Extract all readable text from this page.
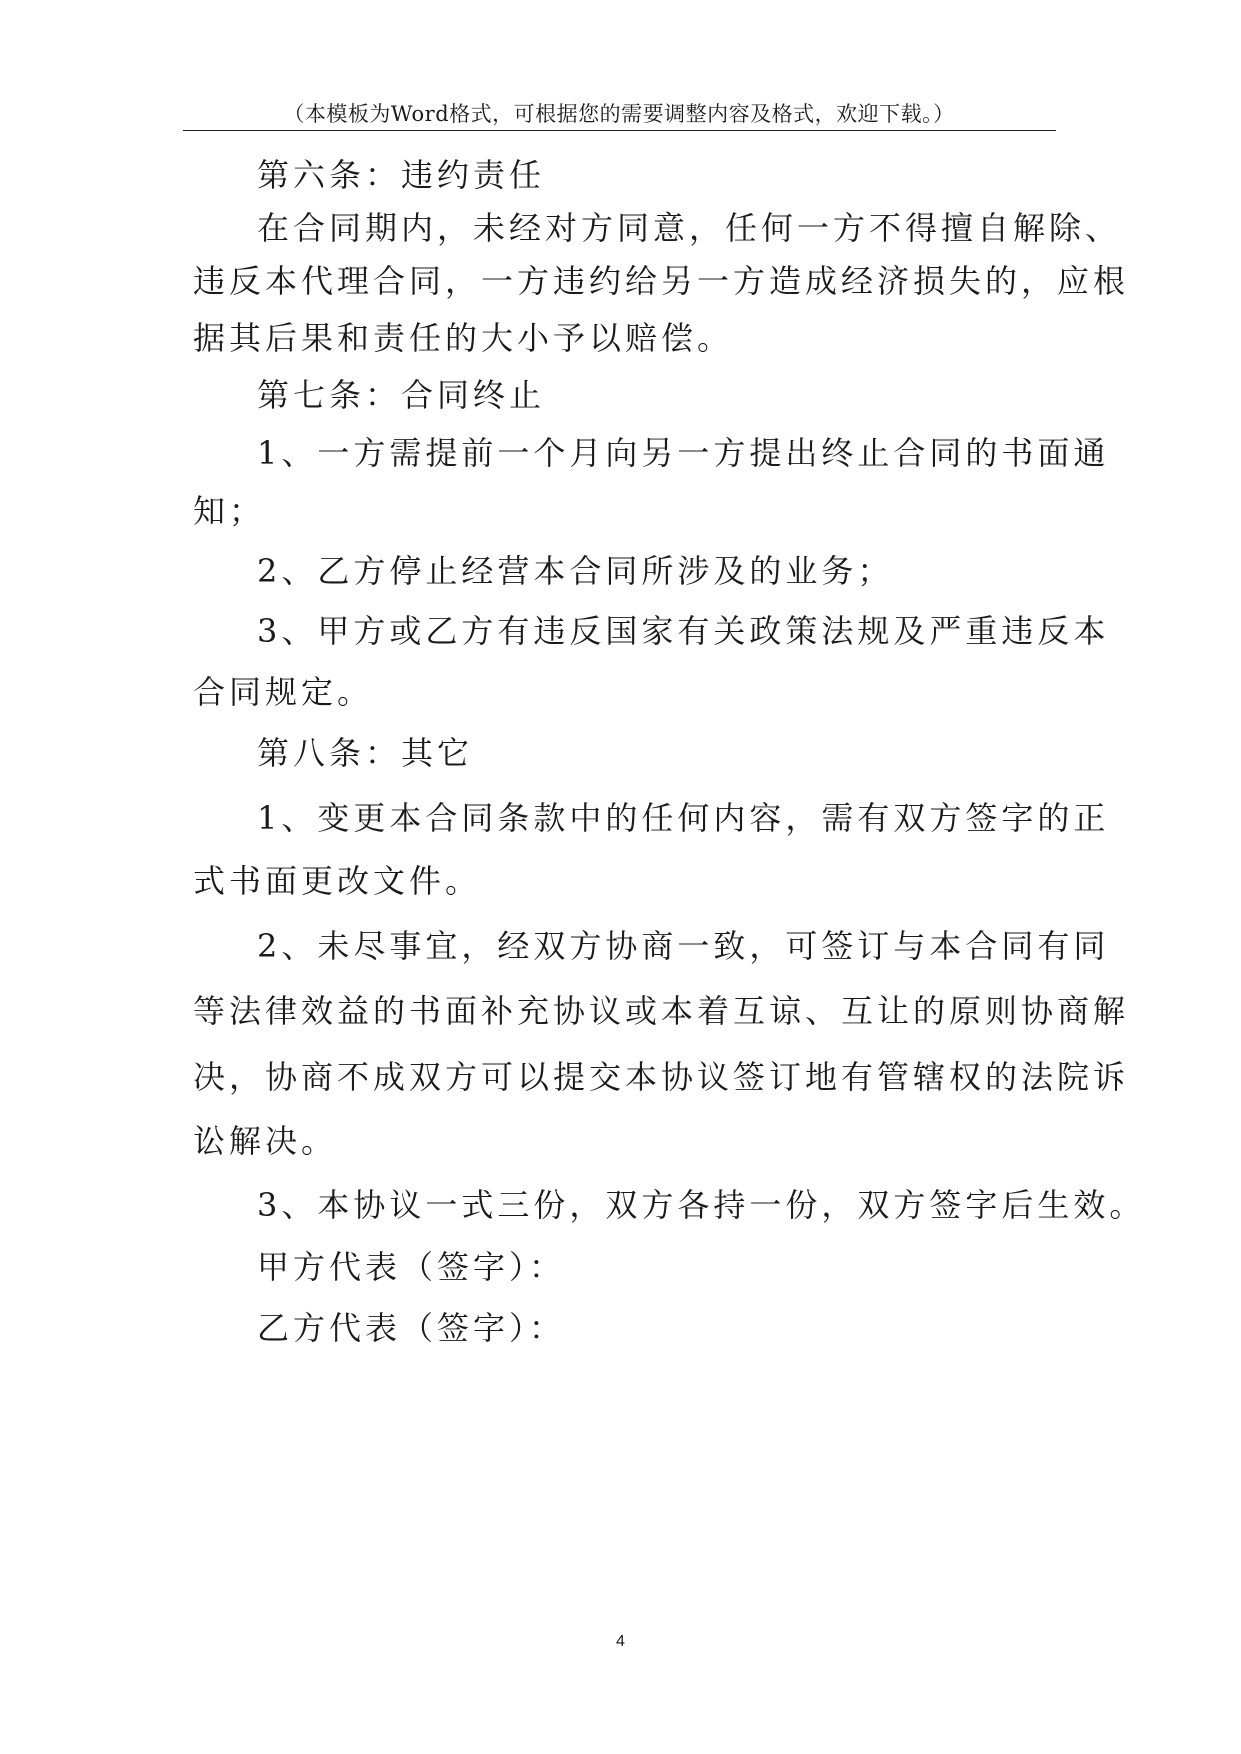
（本模板为Word格式，可根据您的需要调整内容及格式，欢迎下载。）
第六条：违约责任
在合同期内，未经对方同意，任何一方不得擅自解除、
违反本代理合同，一方违约给另一方造成经济损失的，应根
据其后果和责任的大小予以赔偿。
第七条：合同终止
1、一方需提前一个月向另一方提出终止合同的书面通
知；
2、乙方停止经营本合同所涉及的业务；
3、甲方或乙方有违反国家有关政策法规及严重违反本
合同规定。
第八条：其它
1、变更本合同条款中的任何内容，需有双方签字的正
式书面更改文件。
2、未尽事宜，经双方协商一致，可签订与本合同有同
等法律效益的书面补充协议或本着互谅、互让的原则协商解
决，协商不成双方可以提交本协议签订地有管辖权的法院诉
讼解决。
3、本协议一式三份，双方各持一份，双方签字后生效。
甲方代表（签字）：
乙方代表（签字）：
4
